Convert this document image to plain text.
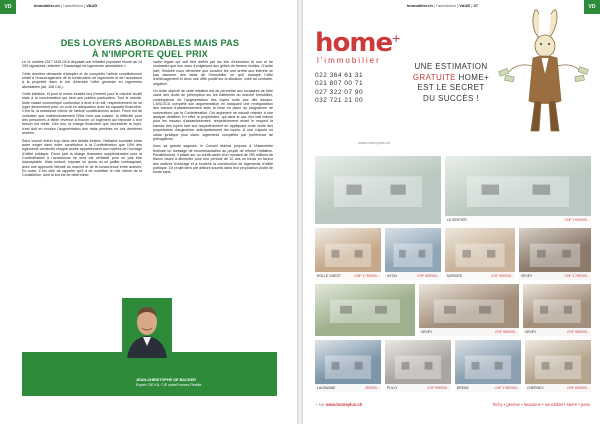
VD	Immobilier.ch | l'autofiction | VAUD
DES LOYERS ABORDABLES MAIS PAS
À N'IMPORTE QUEL PRIX

Le 11 octobre 2017 l'ASLOCA déposait une initiative populaire munie de 14 000 signatures, intitulée « Davantage de logements abordables ».

Cette dernière demande d'adopter et de compléter l'article constitutionnel relatif à l'encouragement de la construction de logements et de l'accession à la propriété dans le but d'étendre l'offre générale en logements abordables (art. 108 Cst.).

Cette initiative, et pour le moins louable lors d'entrée pour le marché locatif mais à la concentration qui tient ses publics particuliers. Tout le monde, toute classe économique confondue a droit à un toit, respectivement de se loger décemment pour un coût en adéquation avec sa capacité financière. C'est là, la substance même de l'article constitutionnel actuel. Force est de constater que malheureusement l'Etat n'est pas suivant, la difficulté pour des personnes à faible revenue à trouver un logement qui réponde à leur besoin est réelle. Dès lors, la charge financière que représente le loyer, n'est doit en exclure l'augmentation des traits pénibles en ces dernières années.

Sans vouloir entrer trop dans des détails inutiles, l'initiative souhaite entre autre exiger dans notre constitution à la Confédération que 10% des logements construits chaque année appartiennent aux maîtres de l'ouvrage d'utilité publique. D'une part la charge financière supplémentaire pour la Confédération à l'accessions ne sera est véritable pour ne pas être inacceptable. Mais surtout, imposer un quota ou un pallier contraignant, avec une approche libérale du marché et de la concurrence entre acteurs. En outre, il est utile de rappeler qu'il a de mobiliser le rôle même de la Constitution, dont la but est de déterminer.

cadre légale qui doit être définit par les lois d'exécution et non et de contraster que leur sous d'exigences aux grilles de termes inutiles. D'autre part, l'histoire nous démontre que souvent les une arrêté aux intérêts ne pas assumer des tarifs de l'immobilier ce qu'il manque l'offre d'aménagement et donc une offre positif sur la situation, voire au contraire, négative.

Un autre objectif de cette initiative est de permettre aux locataires de faire valoir des droits de préemption sur les bâtiments du marché immobilier, conséquence de l'augmentation des loyers suite aux dits travaux. L'ASLOCA complète son argumentation en indiquant une renégociation des travaux d'assainissement avec la mise en place du programme de subventions par la Confédération. Cet argument ne saurait résister à une analyse détaillée. En effet, le propriétaire, qui dans le cas d'un bail indexé pour les travaux d'assainissement, respectivement avant le respect la hausse des loyers tant aux respectivement en appliquant toute vérité des propriétaires d'augmenter anticipativement les loyers. À ceci s'ajoute un cadre juridique plus clairs, logements complétés par préférence de prérogatives.

Avec sa grande sagesse, le Conseil fédéral propose à l'Assemblée fédérale un message de recommandation au peuple de refuser l'initiative. Parallèlement, il plaide sur un crédit-cadre d'un montant de 250 millions de francs visant à alimenter pour une période de 10 ans un fonds en faveur des maîtres d'ouvrage et à soutenir la construction de logements d'utilité publique. Ce projet sera par ailleurs soumis dans leur proposition plutôt de fonds sans.

JEAN-CHRISTOPHE DE BACKER
Expert CIE KA, CIE unterFrances Réalité
Immobilier.ch | l'autofiction | VAUD | 37	VD
home+
l'immobilier
022 364 61 31
021 807 00 71
027 322 07 90
032 721 21 00
www.homeplus.ch
UNE ESTIMATION
GRATUITE HOME+
EST LE SECRET
DU SUCCÈS !
LE SENTIER	CHF 1'990'000.-
ROLLE OUEST	CHF 1'795'000.- NYON	CHF 695'000.- MORGES	CHF 990'000.- VEVEY	CHF 1'750'000.-
VEVEY	CHF 950'000.- VEVEY	CHF 950'000.-
LAUSANNE	490'000.- PULLY	CHF 995'000.- BRENS	CHF 2'450'000.- CHERNEX	CHF 690'000.-
+ sur www.homeplus.ch	féchy • genève • lausanne • neuchâtel • sierre • parix
